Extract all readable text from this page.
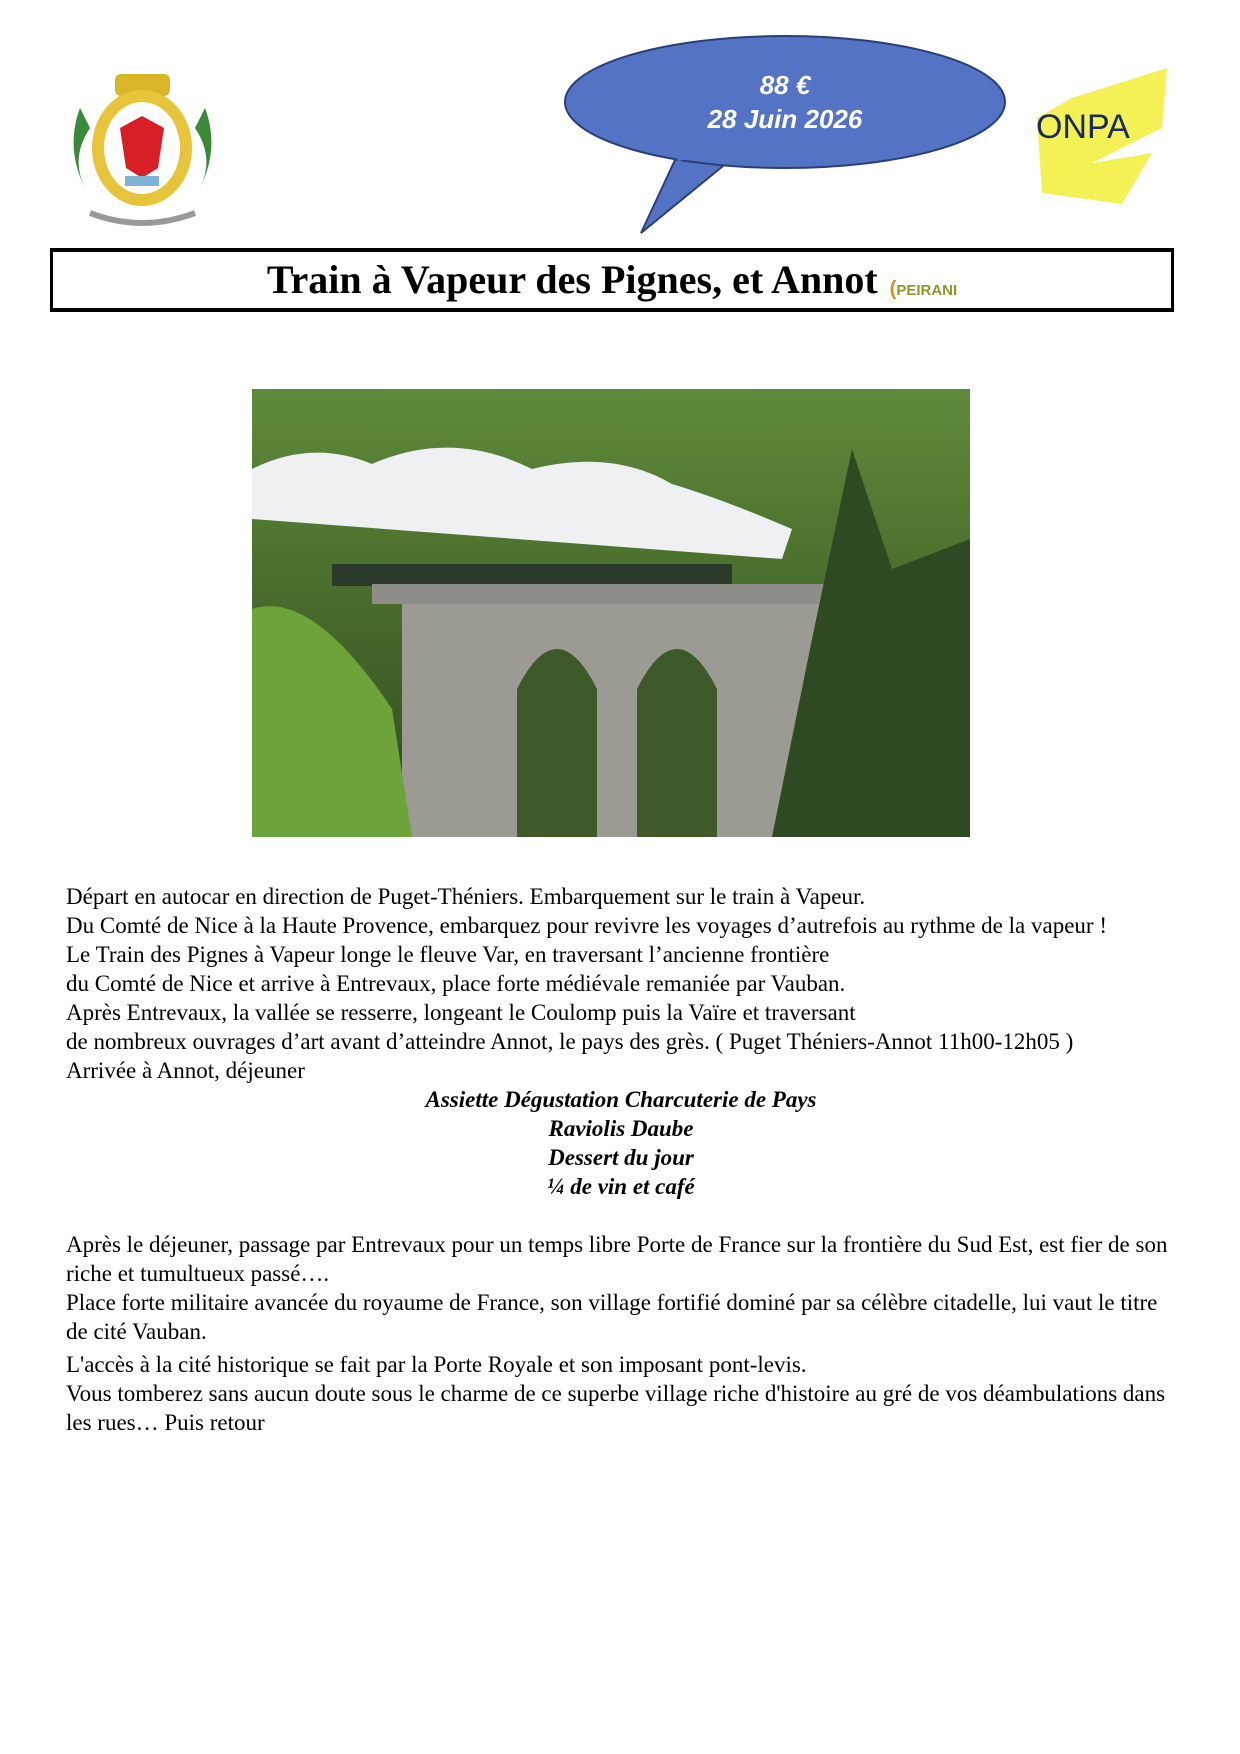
88 €
28 Juin 2026	ONPA
Train à Vapeur des Pignes, et Annot (PEIRANI

Départ en autocar en direction de Puget-Théniers. Embarquement sur le train à Vapeur.

Du Comté de Nice à la Haute Provence, embarquez pour revivre les voyages d’autrefois au rythme de la vapeur !

Le Train des Pignes à Vapeur longe le fleuve Var, en traversant l’ancienne frontière

du Comté de Nice et arrive à Entrevaux, place forte médiévale remaniée par Vauban.

Après Entrevaux, la vallée se resserre, longeant le Coulomp puis la Vaïre et traversant

de nombreux ouvrages d’art avant d’atteindre Annot, le pays des grès. ( Puget Théniers-Annot 11h00-12h05 )

Arrivée à Annot, déjeuner

Assiette Dégustation Charcuterie de Pays

Raviolis Daube

Dessert du jour

¼ de vin et café

Après le déjeuner, passage par Entrevaux pour un temps libre Porte de France sur la frontière du Sud Est, est fier de son riche et tumultueux passé….

Place forte militaire avancée du royaume de France, son village fortifié dominé par sa célèbre citadelle, lui vaut le titre de cité Vauban.

L'accès à la cité historique se fait par la Porte Royale et son imposant pont-levis.

Vous tomberez sans aucun doute sous le charme de ce superbe village riche d'histoire au gré de vos déambulations dans les rues… Puis retour
